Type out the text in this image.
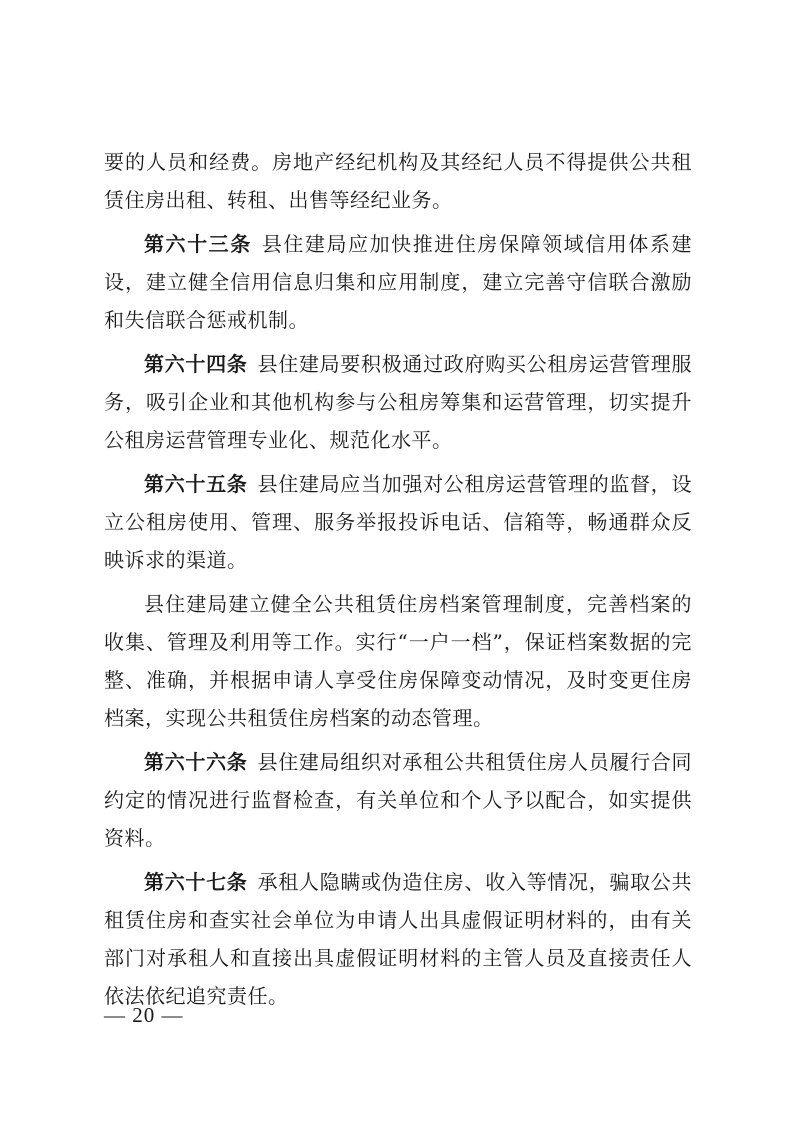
要的人员和经费。房地产经纪机构及其经纪人员不得提供公共租赁住房出租、转租、出售等经纪业务。

第六十三条 县住建局应加快推进住房保障领域信用体系建设，建立健全信用信息归集和应用制度，建立完善守信联合激励和失信联合惩戒机制。

第六十四条 县住建局要积极通过政府购买公租房运营管理服务，吸引企业和其他机构参与公租房筹集和运营管理，切实提升公租房运营管理专业化、规范化水平。

第六十五条 县住建局应当加强对公租房运营管理的监督，设立公租房使用、管理、服务举报投诉电话、信箱等，畅通群众反映诉求的渠道。

县住建局建立健全公共租赁住房档案管理制度，完善档案的收集、管理及利用等工作。实行“一户一档”，保证档案数据的完整、准确，并根据申请人享受住房保障变动情况，及时变更住房档案，实现公共租赁住房档案的动态管理。

第六十六条 县住建局组织对承租公共租赁住房人员履行合同约定的情况进行监督检查，有关单位和个人予以配合，如实提供资料。

第六十七条 承租人隐瞒或伪造住房、收入等情况，骗取公共租赁住房和查实社会单位为申请人出具虚假证明材料的，由有关部门对承租人和直接出具虚假证明材料的主管人员及直接责任人依法依纪追究责任。

— 20 —
